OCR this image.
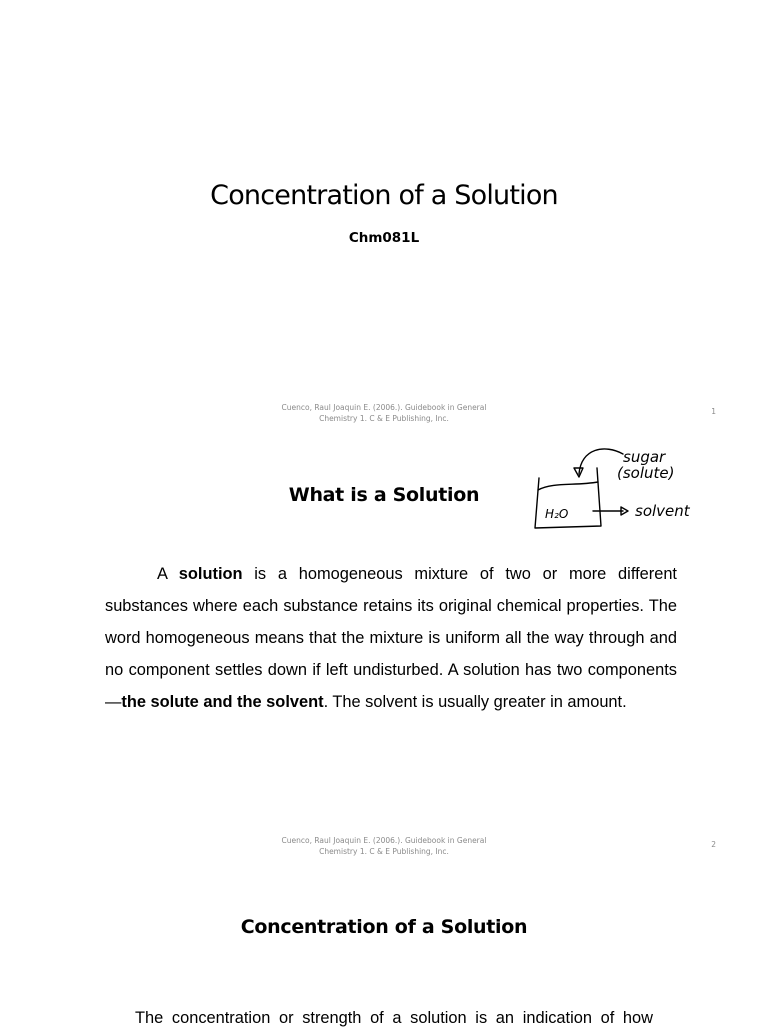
Concentration of a Solution
Chm081L
Cuenco, Raul Joaquin E. (2006.). Guidebook in General
Chemistry 1. C & E Publishing, Inc.
1
What is a Solution
sugar
(solute)
H₂O	solvent

A solution is a homogeneous mixture of two or more different substances where each substance retains its original chemical properties. The word homogeneous means that the mixture is uniform all the way through and no component settles down if left undisturbed. A solution has two components—the solute and the solvent. The solvent is usually greater in amount.

Cuenco, Raul Joaquin E. (2006.). Guidebook in General
Chemistry 1. C & E Publishing, Inc.
2
Concentration of a Solution
The concentration or strength of a solution is an indication of how
